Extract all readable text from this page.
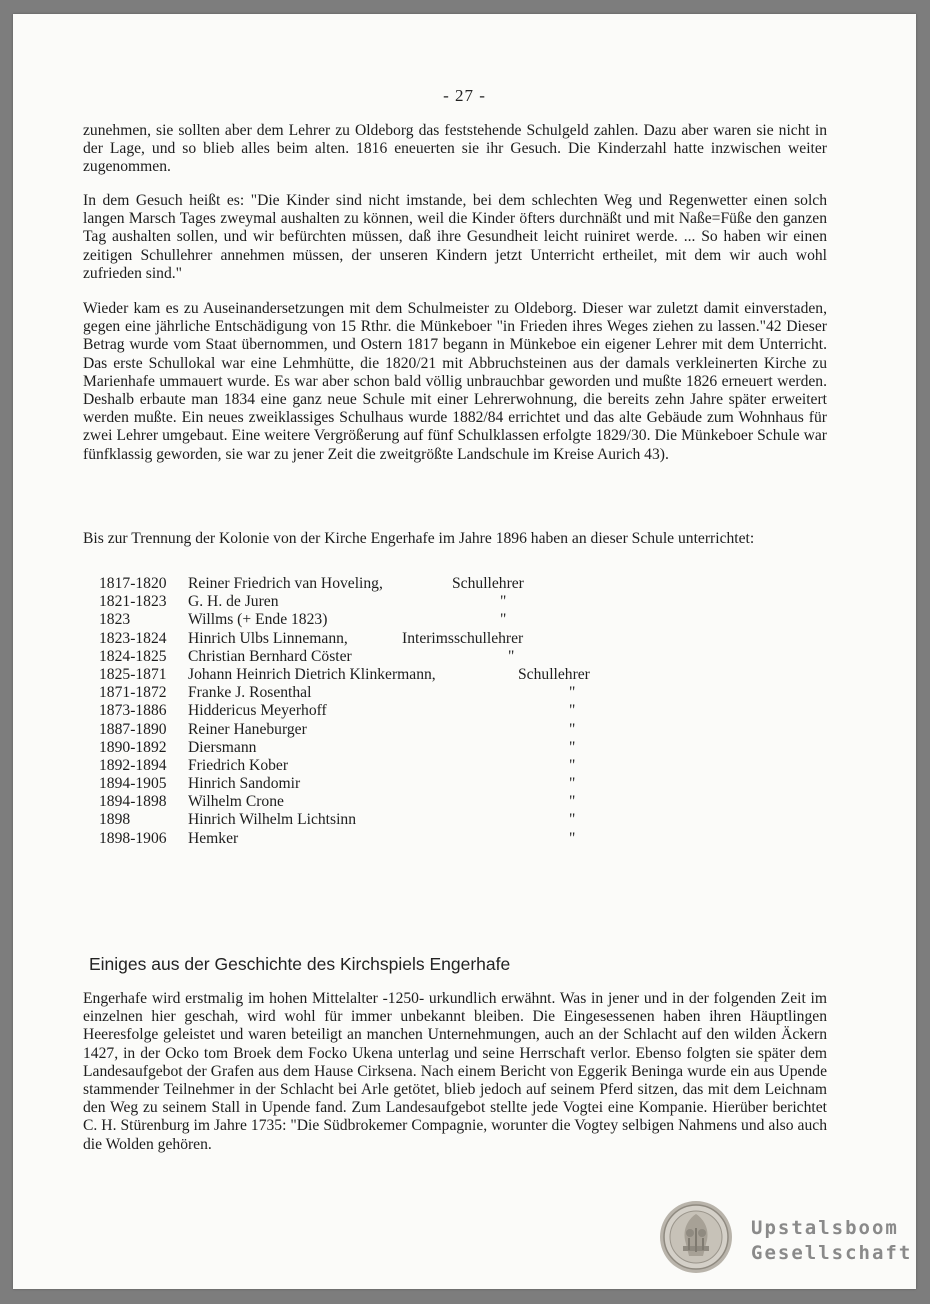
- 27 -

zunehmen, sie sollten aber dem Lehrer zu Oldeborg das feststehende Schulgeld zahlen. Dazu aber waren sie nicht in der Lage, und so blieb alles beim alten. 1816 eneuerten sie ihr Gesuch. Die Kinderzahl hatte inzwischen weiter zugenommen.

In dem Gesuch heißt es: "Die Kinder sind nicht imstande, bei dem schlechten Weg und Regenwetter einen solch langen Marsch Tages zweymal aushalten zu können, weil die Kinder öfters durchnäßt und mit Naße=Füße den ganzen Tag aushalten sollen, und wir befürchten müssen, daß ihre Gesundheit leicht ruiniret werde. ... So haben wir einen zeitigen Schullehrer annehmen müssen, der unseren Kindern jetzt Unterricht ertheilet, mit dem wir auch wohl zufrieden sind."

Wieder kam es zu Auseinandersetzungen mit dem Schulmeister zu Oldeborg. Dieser war zuletzt damit einverstaden, gegen eine jährliche Entschädigung von 15 Rthr. die Münkeboer "in Frieden ihres Weges ziehen zu lassen."42 Dieser Betrag wurde vom Staat übernommen, und Ostern 1817 begann in Münkeboe ein eigener Lehrer mit dem Unterricht. Das erste Schullokal war eine Lehmhütte, die 1820/21 mit Abbruchsteinen aus der damals verkleinerten Kirche zu Marienhafe ummauert wurde. Es war aber schon bald völlig unbrauchbar geworden und mußte 1826 erneuert werden. Deshalb erbaute man 1834 eine ganz neue Schule mit einer Lehrerwohnung, die bereits zehn Jahre später erweitert werden mußte. Ein neues zweiklassiges Schulhaus wurde 1882/84 errichtet und das alte Gebäude zum Wohnhaus für zwei Lehrer umgebaut. Eine weitere Vergrößerung auf fünf Schulklassen erfolgte 1829/30. Die Münkeboer Schule war fünfklassig geworden, sie war zu jener Zeit die zweitgrößte Landschule im Kreise Aurich 43).

Bis zur Trennung der Kolonie von der Kirche Engerhafe im Jahre 1896 haben an dieser Schule unterrichtet:

1817-1820 Reiner Friedrich van Hoveling,	Schullehrer
1821-1823 G. H. de Juren	"
1823	Willms (+ Ende 1823)	"
1823-1824 Hinrich Ulbs Linnemann,	Interimsschullehrer
1824-1825 Christian Bernhard Cöster	"
1825-1871 Johann Heinrich Dietrich Klinkermann,	Schullehrer
1871-1872 Franke J. Rosenthal	"
1873-1886 Hiddericus Meyerhoff	"
1887-1890 Reiner Haneburger	"
1890-1892 Diersmann	"
1892-1894 Friedrich Kober	"
1894-1905 Hinrich Sandomir	"
1894-1898 Wilhelm Crone	"
1898	Hinrich Wilhelm Lichtsinn	"
1898-1906 Hemker	"
Einiges aus der Geschichte des Kirchspiels Engerhafe

Engerhafe wird erstmalig im hohen Mittelalter -1250- urkundlich erwähnt. Was in jener und in der folgenden Zeit im einzelnen hier geschah, wird wohl für immer unbekannt bleiben. Die Eingesessenen haben ihren Häuptlingen Heeresfolge geleistet und waren beteiligt an manchen Unternehmungen, auch an der Schlacht auf den wilden Äckern 1427, in der Ocko tom Broek dem Focko Ukena unterlag und seine Herrschaft verlor. Ebenso folgten sie später dem Landesaufgebot der Grafen aus dem Hause Cirksena. Nach einem Bericht von Eggerik Beninga wurde ein aus Upende stammender Teilnehmer in der Schlacht bei Arle getötet, blieb jedoch auf seinem Pferd sitzen, das mit dem Leichnam den Weg zu seinem Stall in Upende fand. Zum Landesaufgebot stellte jede Vogtei eine Kompanie. Hierüber berichtet C. H. Stürenburg im Jahre 1735: "Die Südbrokemer Compagnie, worunter die Vogtey selbigen Nahmens und also auch die Wolden gehören.

Upstalsboom
Gesellschaft
